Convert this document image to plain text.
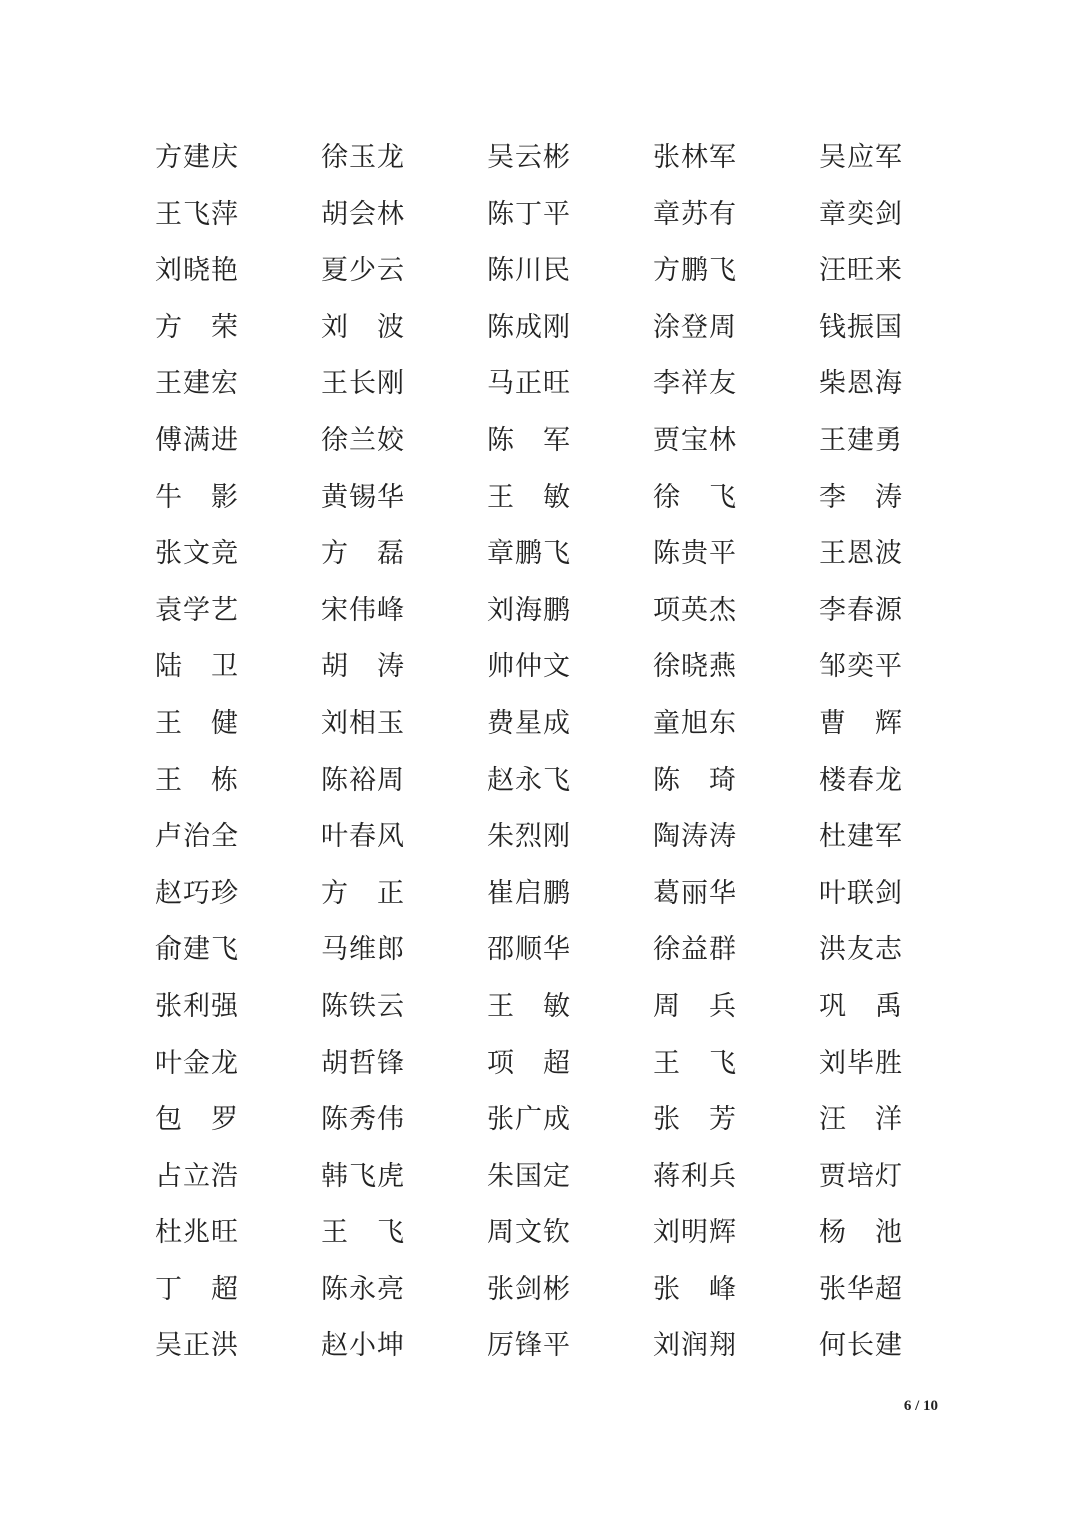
方建庆	徐玉龙	吴云彬	张林军	吴应军
王飞萍	胡会林	陈丁平	章苏有	章奕剑
刘晓艳	夏少云	陈川民	方鹏飞	汪旺来
方 荣	刘 波	陈成刚	涂登周	钱振国
王建宏	王长刚	马正旺	李祥友	柴恩海
傅满进	徐兰姣	陈 军	贾宝林	王建勇
牛 影	黄锡华	王 敏	徐 飞	李 涛
张文竞	方 磊	章鹏飞	陈贵平	王恩波
袁学艺	宋伟峰	刘海鹏	项英杰	李春源
陆 卫	胡 涛	帅仲文	徐晓燕	邹奕平
王 健	刘相玉	费星成	童旭东	曹 辉
王 栋	陈裕周	赵永飞	陈 琦	楼春龙
卢治全	叶春风	朱烈刚	陶涛涛	杜建军
赵巧珍	方 正	崔启鹏	葛丽华	叶联剑
俞建飞	马维郎	邵顺华	徐益群	洪友志
张利强	陈铁云	王 敏	周 兵	巩 禹
叶金龙	胡哲锋	项 超	王 飞	刘毕胜
包 罗	陈秀伟	张广成	张 芳	汪 洋
占立浩	韩飞虎	朱国定	蒋利兵	贾培灯
杜兆旺	王 飞	周文钦	刘明辉	杨 池
丁 超	陈永亮	张剑彬	张 峰	张华超
吴正洪	赵小坤	厉锋平	刘润翔	何长建
6 / 10
